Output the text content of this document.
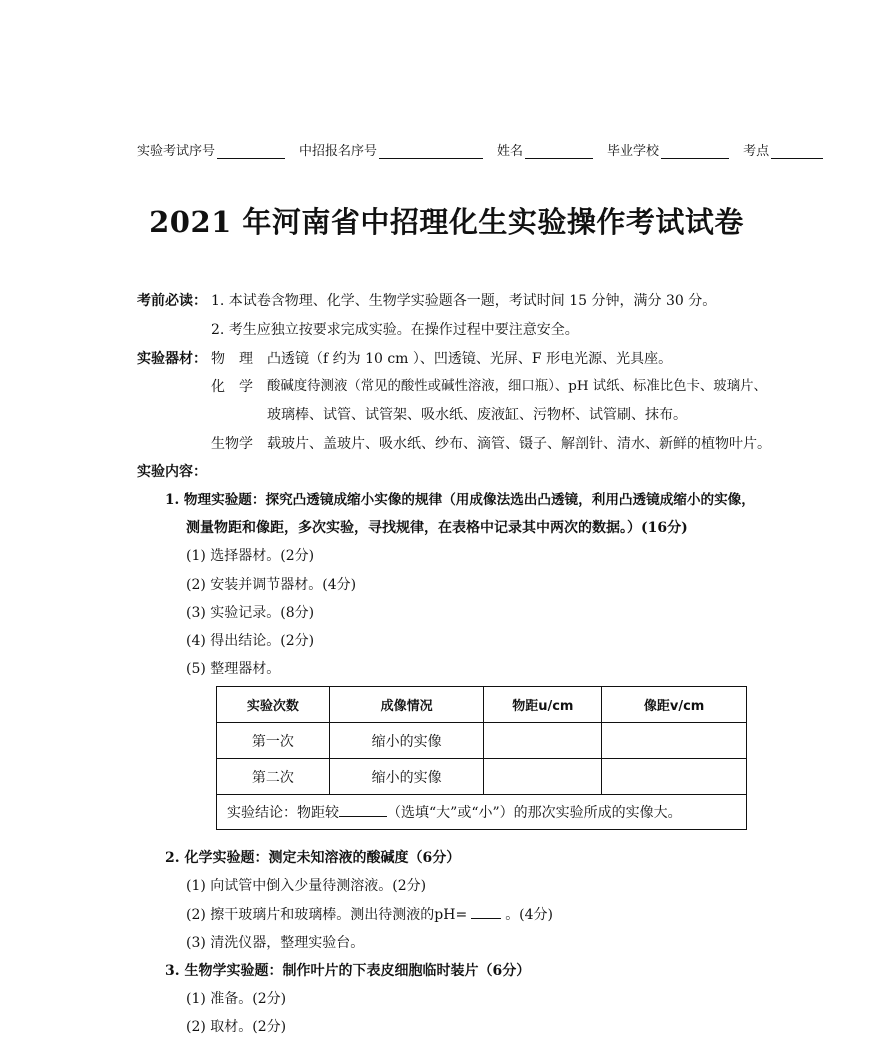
实验考试序号	中招报名序号	姓名	毕业学校	考点
2021 年河南省中招理化生实验操作考试试卷
考前必读： 1. 本试卷含物理、化学、生物学实验题各一题，考试时间 15 分钟，满分 30 分。
2. 考生应独立按要求完成实验。在操作过程中要注意安全。
实验器材： 物　理 凸透镜（f 约为 10 cm ）、凹透镜、光屏、F 形电光源、光具座。
化　学 酸碱度待测液（常见的酸性或碱性溶液，细口瓶）、pH 试纸、标准比色卡、玻璃片、
玻璃棒、试管、试管架、吸水纸、废液缸、污物杯、试管刷、抹布。
生物学 载玻片、盖玻片、吸水纸、纱布、滴管、镊子、解剖针、清水、新鲜的植物叶片。
实验内容：
1. 物理实验题：探究凸透镜成缩小实像的规律（用成像法选出凸透镜，利用凸透镜成缩小的实像，
测量物距和像距，多次实验，寻找规律，在表格中记录其中两次的数据。）(16分)
(1) 选择器材。(2分)
(2) 安装并调节器材。(4分)
(3) 实验记录。(8分)
(4) 得出结论。(2分)
(5) 整理器材。
实验次数	成像情况	物距u/cm	像距v/cm
第一次	缩小的实像		
第二次	缩小的实像		
实验结论：物距较 （选填“大”或“小”）的那次实验所成的实像大。			
2. 化学实验题：测定未知溶液的酸碱度（6分）
(1) 向试管中倒入少量待测溶液。(2分)
(2) 擦干玻璃片和玻璃棒。测出待测液的pH=	。(4分)
(3) 清洗仪器，整理实验台。
3. 生物学实验题：制作叶片的下表皮细胞临时装片（6分）
(1) 准备。(2分)
(2) 取材。(2分)
